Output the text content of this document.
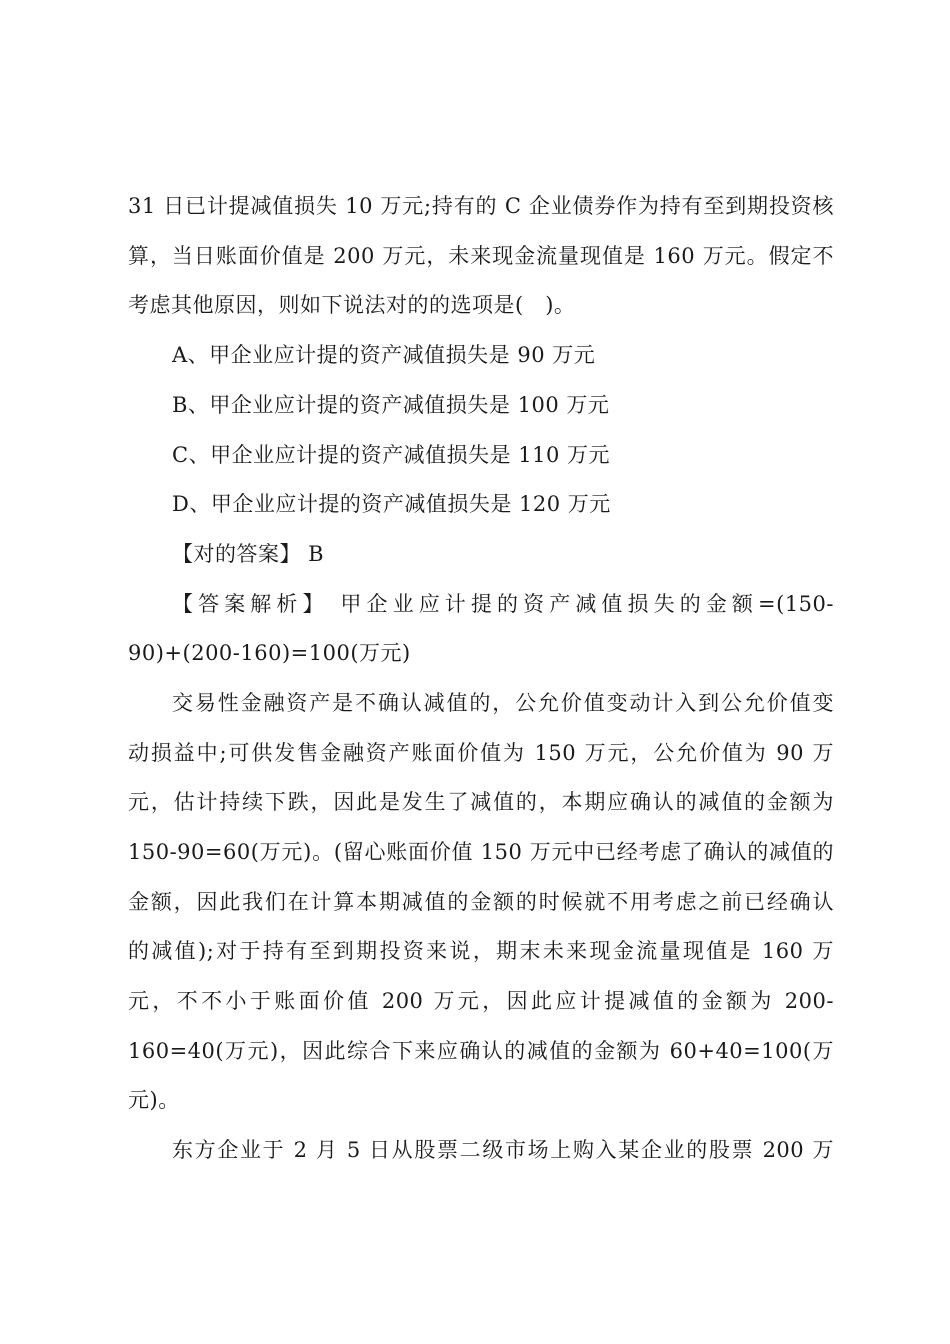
31 日已计提减值损失 10 万元;持有的 C 企业债券作为持有至到期投资核
算，当日账面价值是 200 万元，未来现金流量现值是 160 万元。假定不
考虑其他原因，则如下说法对的的选项是(　)。
A、甲企业应计提的资产减值损失是 90 万元
B、甲企业应计提的资产减值损失是 100 万元
C、甲企业应计提的资产减值损失是 110 万元
D、甲企业应计提的资产减值损失是 120 万元
【对的答案】 B
【答案解析】 甲企业应计提的资产减值损失的金额=(150-
90)+(200-160)=100(万元)
交易性金融资产是不确认减值的，公允价值变动计入到公允价值变
动损益中;可供发售金融资产账面价值为 150 万元，公允价值为 90 万
元，估计持续下跌，因此是发生了减值的，本期应确认的减值的金额为
150-90=60(万元)。(留心账面价值 150 万元中已经考虑了确认的减值的
金额，因此我们在计算本期减值的金额的时候就不用考虑之前已经确认
的减值);对于持有至到期投资来说，期末未来现金流量现值是 160 万
元，不不小于账面价值 200 万元，因此应计提减值的金额为 200-
160=40(万元)，因此综合下来应确认的减值的金额为 60+40=100(万
元)。
东方企业于 2 月 5 日从股票二级市场上购入某企业的股票 200 万
